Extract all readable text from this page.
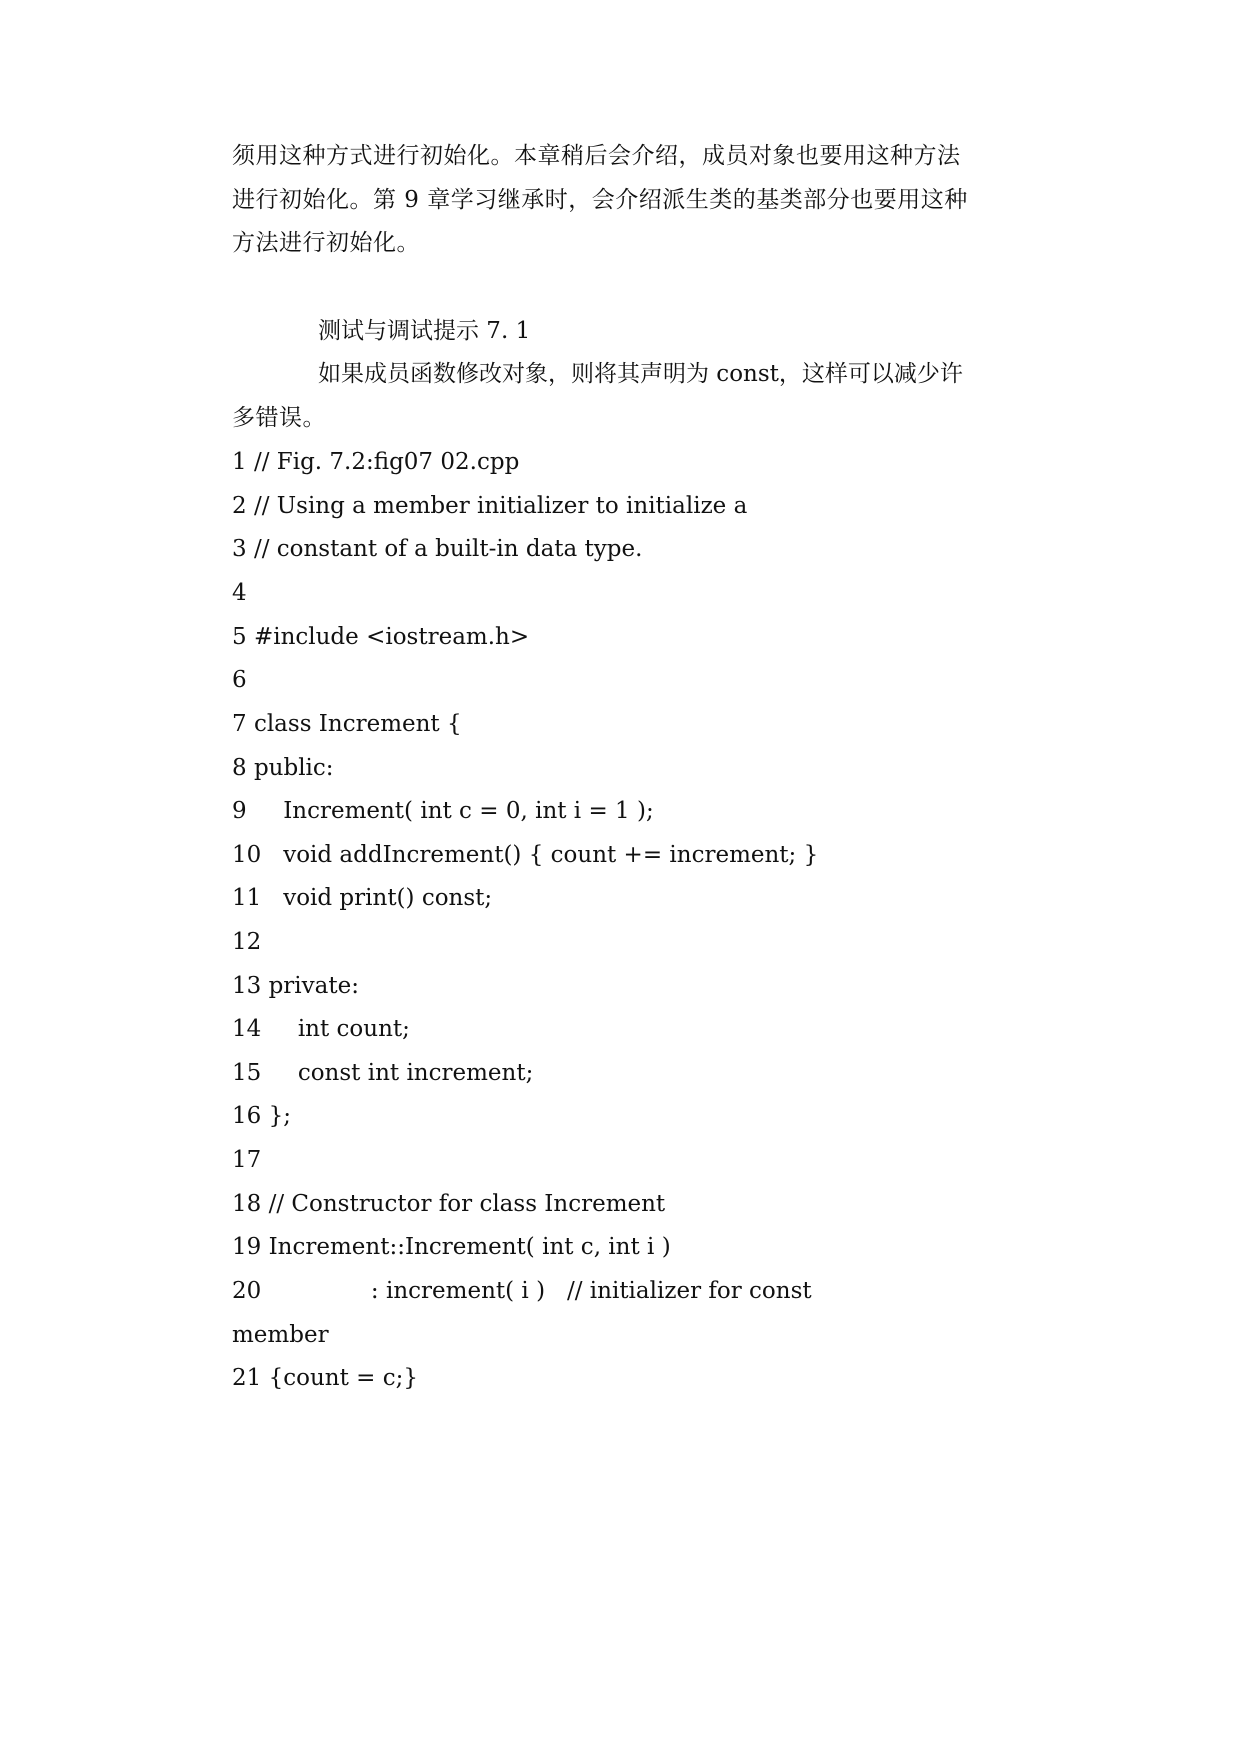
须用这种方式进行初始化。本章稍后会介绍，成员对象也要用这种方法
进行初始化。第 9 章学习继承时，会介绍派生类的基类部分也要用这种
方法进行初始化。
测试与调试提示 7. 1
如果成员函数修改对象，则将其声明为 const，这样可以减少许
多错误。
1 // Fig. 7.2:fig07 02.cpp
2 // Using a member initializer to initialize a
3 // constant of a built-in data type.
4
5 #include <iostream.h>
6
7 class Increment {
8 public:
9     Increment( int c = 0, int i = 1 );
10   void addIncrement() { count += increment; }
11   void print() const;
12
13 private:
14     int count;
15     const int increment;
16 };
17
18 // Constructor for class Increment
19 Increment::Increment( int c, int i )
20               : increment( i )   // initializer for const
member
21 {count = c;}
